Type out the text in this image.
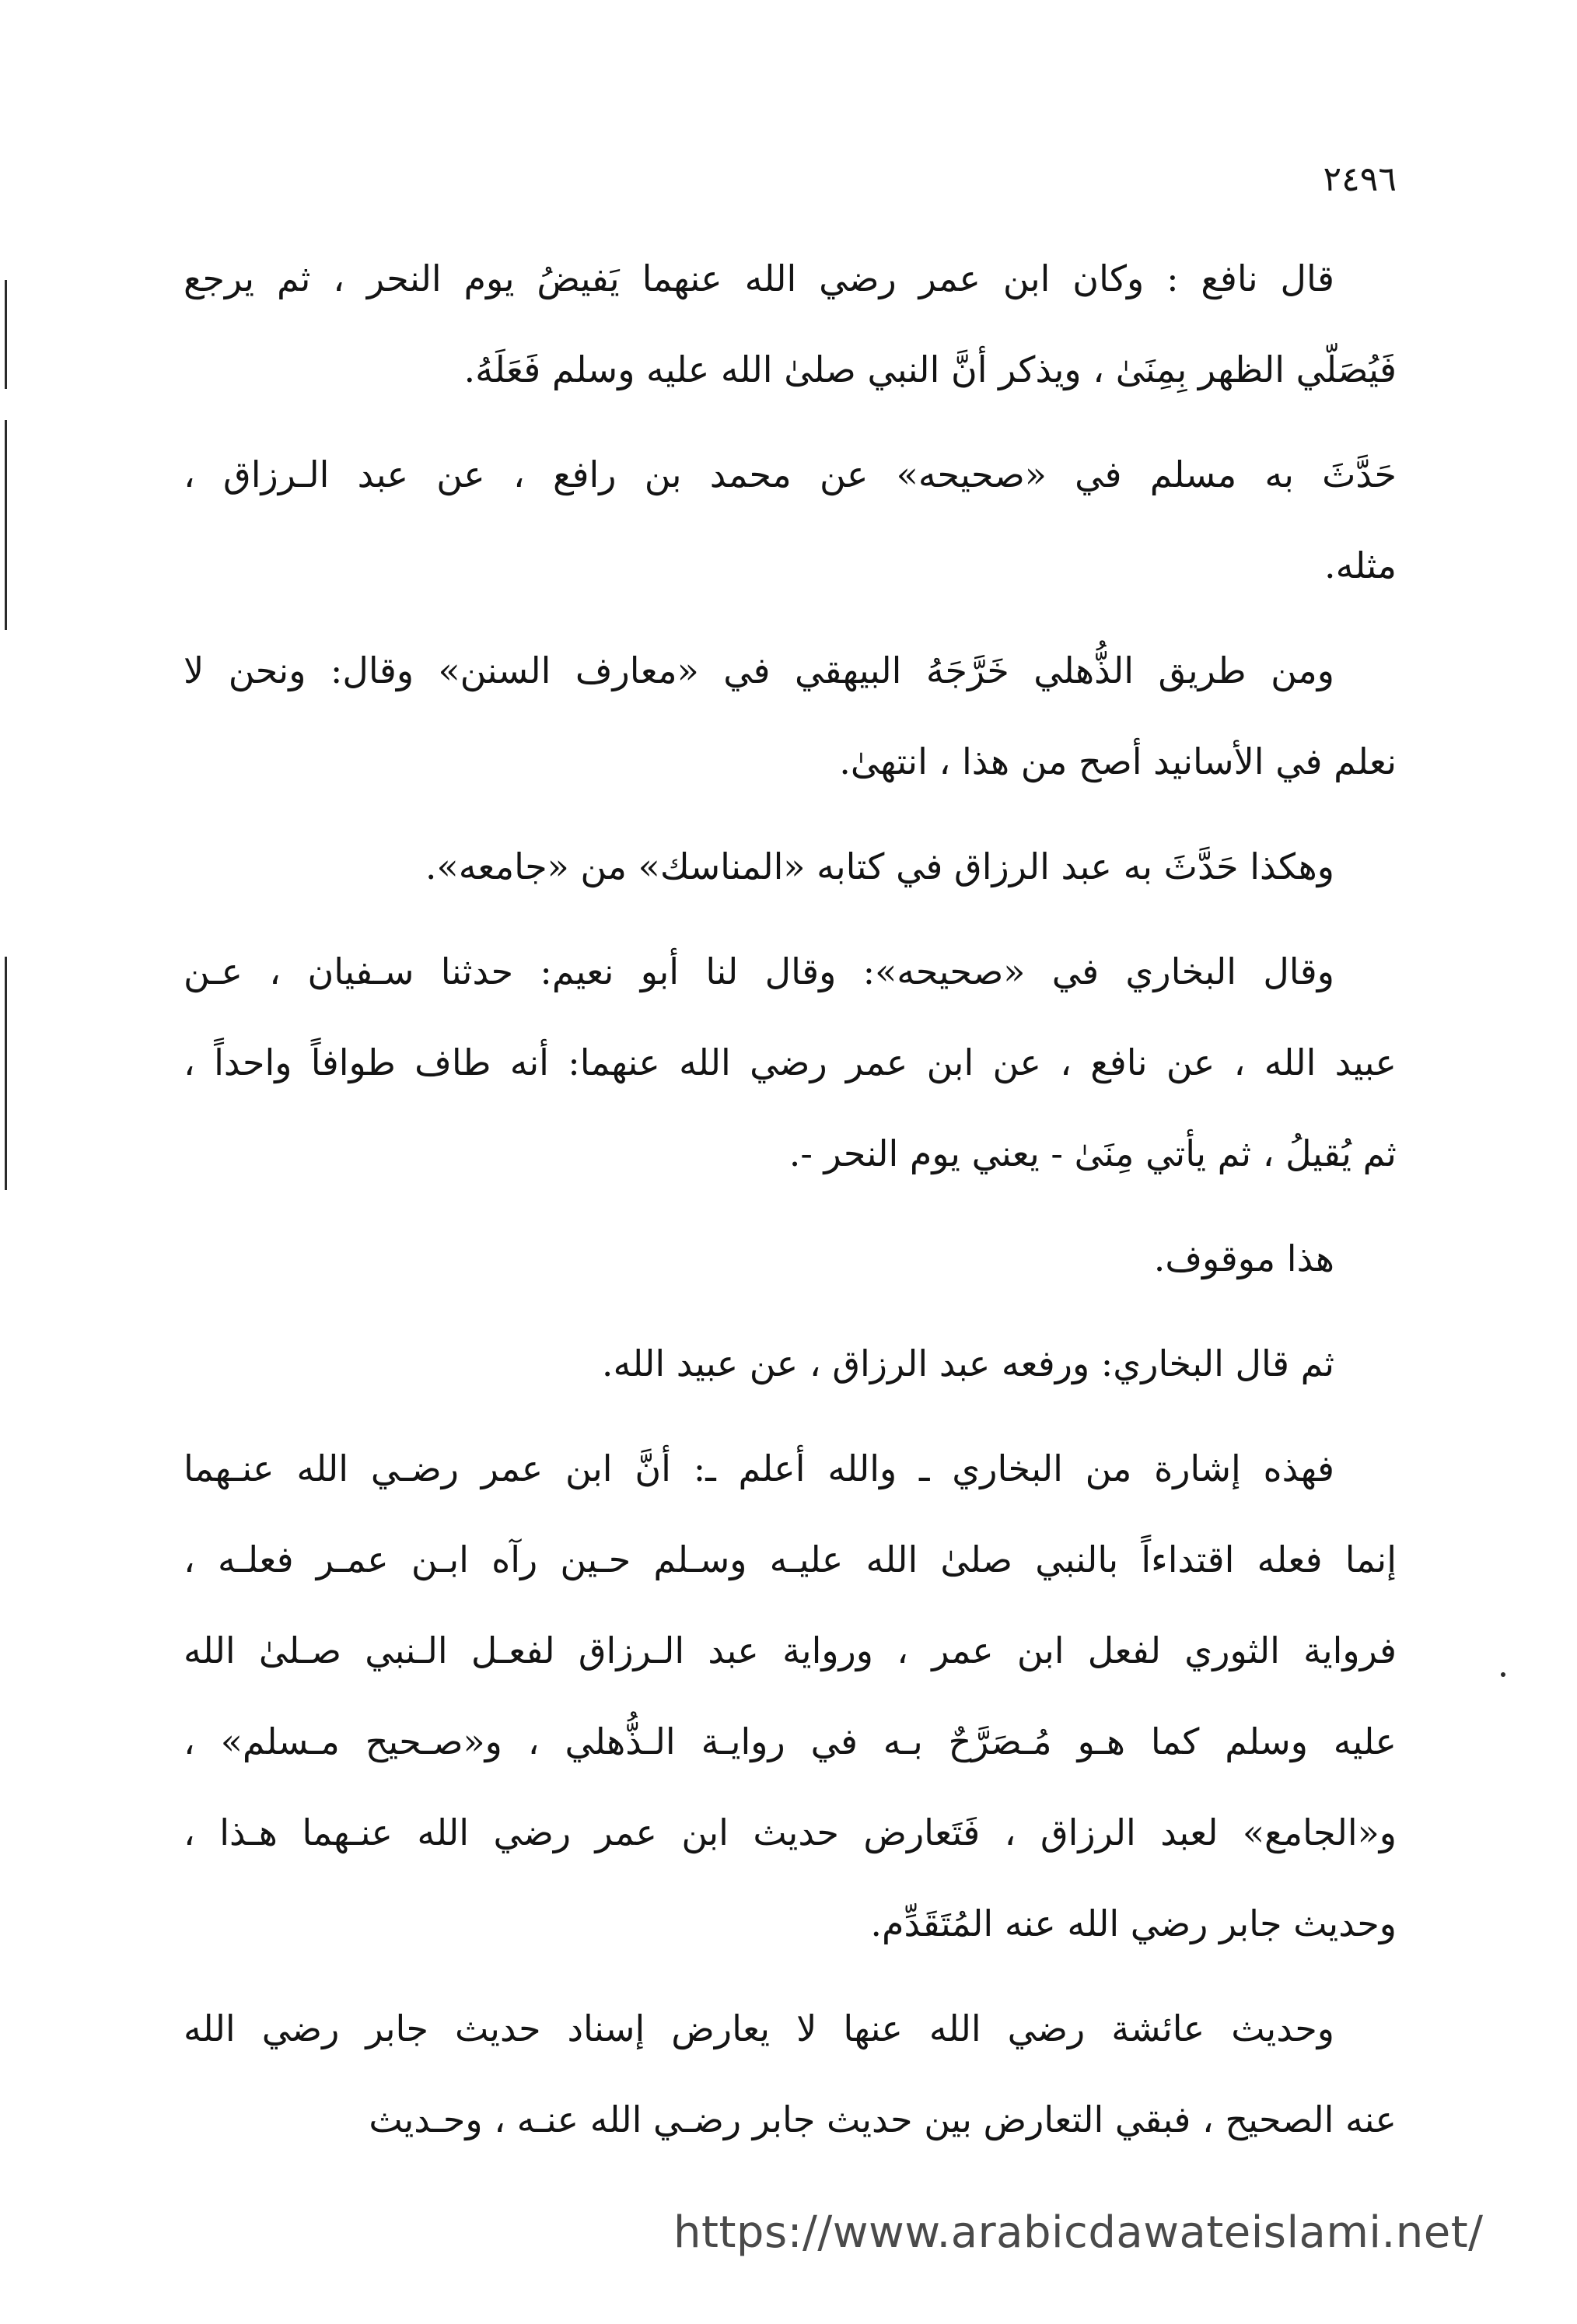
٢٤٩٦
قال نافع : وكان ابن عمر رضي الله عنهما يَفيضُ يوم النحر ، ثم يرجع
فَيُصَلّي الظهر بِمِنَىٰ ، ويذكر أنَّ النبي صلىٰ الله عليه وسلم فَعَلَهُ.
حَدَّثَ به مسلم في «صحيحه» عن محمد بن رافع ، عن عبد الـرزاق ،
مثله.
ومن طريق الذُّهلي خَرَّجَهُ البيهقي في «معارف السنن» وقال: ونحن لا
نعلم في الأسانيد أصح من هذا ، انتهىٰ.
وهكذا حَدَّثَ به عبد الرزاق في كتابه «المناسك» من «جامعه».
وقال البخاري في «صحيحه»: وقال لنا أبو نعيم: حدثنا سـفيان ، عـن
عبيد الله ، عن نافع ، عن ابن عمر رضي الله عنهما: أنه طاف طوافاً واحداً ،
ثم يُقيلُ ، ثم يأتي مِنَىٰ - يعني يوم النحر -.
هذا موقوف.
ثم قال البخاري: ورفعه عبد الرزاق ، عن عبيد الله.
فهذه إشارة من البخاري ـ والله أعلم ـ: أنَّ ابن عمر رضـي الله عنـهما
إنما فعله اقتداءاً بالنبي صلىٰ الله عليـه وسـلم حـين رآه ابـن عمـر فعلـه ،
فرواية الثوري لفعل ابن عمر ، ورواية عبد الـرزاق لفعـل الـنبي صـلىٰ الله
عليه وسلم كما هـو مُـصَرَّحٌ بـه في روايـة الـذُّهلي ، و«صـحيح مـسلم» ،
و«الجامع» لعبد الرزاق ، فَتَعارض حديث ابن عمر رضي الله عنـهما هـذا ،
وحديث جابر رضي الله عنه المُتَقَدِّم.
وحديث عائشة رضي الله عنها لا يعارض إسناد حديث جابر رضي الله
عنه الصحيح ، فبقي التعارض بين حديث جابر رضـي الله عنـه ، وحـديث
https://www.arabicdawateislami.net/
